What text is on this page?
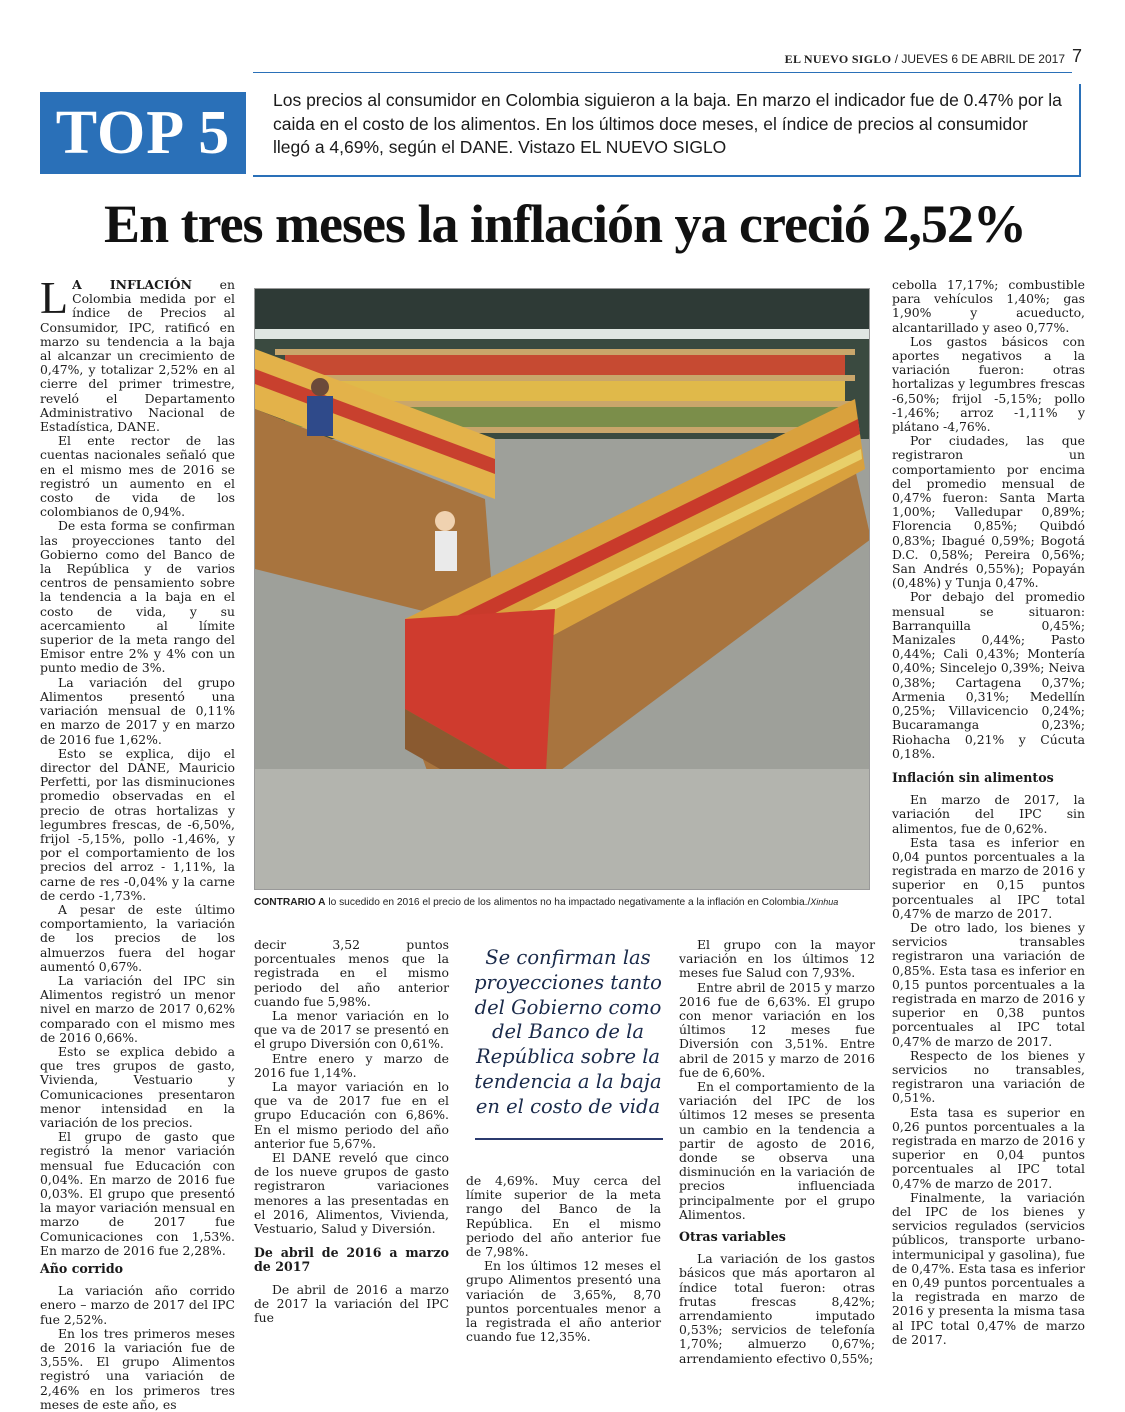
EL NUEVO SIGLO / JUEVES 6 DE ABRIL DE 2017 7
TOP 5	Los precios al consumidor en Colombia siguieron a la baja. En marzo el indicador fue de 0.47% por la caida en el costo de los alimentos. En los últimos doce meses, el índice de precios al consumidor llegó a 4,69%, según el DANE. Vistazo EL NUEVO SIGLO
En tres meses la inflación ya creció 2,52%

L A INFLACIÓN en Colombia medida por el índice de Precios al Consumidor, IPC, ratificó en marzo su tendencia a la baja al alcanzar un crecimiento de 0,47%, y totalizar 2,52% en al cierre del primer trimestre, reveló el Departamento Administrativo Nacional de Estadística, DANE.

El ente rector de las cuentas nacionales señaló que en el mismo mes de 2016 se registró un aumento en el costo de vida de los colombianos de 0,94%.

De esta forma se confirman las proyecciones tanto del Gobierno como del Banco de la República y de varios centros de pensamiento sobre la tendencia a la baja en el costo de vida, y su acercamiento al límite superior de la meta rango del Emisor entre 2% y 4% con un punto medio de 3%.

La variación del grupo Alimentos presentó una variación mensual de 0,11% en marzo de 2017 y en marzo de 2016 fue 1,62%.

Esto se explica, dijo el director del DANE, Mauricio Perfetti, por las disminuciones promedio observadas en el precio de otras hortalizas y legumbres frescas, de -6,50%, frijol -5,15%, pollo -1,46%, y por el comportamiento de los precios del arroz - 1,11%, la carne de res -0,04% y la carne de cerdo -1,73%.

A pesar de este último comportamiento, la variación de los precios de los almuerzos fuera del hogar aumentó 0,67%.

La variación del IPC sin Alimentos registró un menor nivel en marzo de 2017 0,62% comparado con el mismo mes de 2016 0,66%.

Esto se explica debido a que tres grupos de gasto, Vivienda, Vestuario y Comunicaciones presentaron menor intensidad en la variación de los precios.

El grupo de gasto que registró la menor variación mensual fue Educación con 0,04%. En marzo de 2016 fue 0,03%. El grupo que presentó la mayor variación mensual en marzo de 2017 fue Comunicaciones con 1,53%. En marzo de 2016 fue 2,28%.

Año corrido

La variación año corrido enero – marzo de 2017 del IPC fue 2,52%.

En los tres primeros meses de 2016 la variación fue de 3,55%. El grupo Alimentos registró una variación de 2,46% en los primeros tres meses de este año, es

CONTRARIO A lo sucedido en 2016 el precio de los alimentos no ha impactado negativamente a la inflación en Colombia./Xinhua

decir 3,52 puntos porcentuales menos que la registrada en el mismo periodo del año anterior cuando fue 5,98%.

La menor variación en lo que va de 2017 se presentó en el grupo Diversión con 0,61%.

Entre enero y marzo de 2016 fue 1,14%.

La mayor variación en lo que va de 2017 fue en el grupo Educación con 6,86%. En el mismo periodo del año anterior fue 5,67%.

El DANE reveló que cinco de los nueve grupos de gasto registraron variaciones menores a las presentadas en el 2016, Alimentos, Vivienda, Vestuario, Salud y Diversión.

De abril de 2016 a marzo de 2017

De abril de 2016 a marzo de 2017 la variación del IPC fue

Se confirman las proyecciones tanto del Gobierno como del Banco de la República sobre la tendencia a la baja en el costo de vida

de 4,69%. Muy cerca del límite superior de la meta rango del Banco de la República. En el mismo periodo del año anterior fue de 7,98%.

En los últimos 12 meses el grupo Alimentos presentó una variación de 3,65%, 8,70 puntos porcentuales menor a la registrada el año anterior cuando fue 12,35%.

El grupo con la mayor variación en los últimos 12 meses fue Salud con 7,93%.

Entre abril de 2015 y marzo 2016 fue de 6,63%. El grupo con menor variación en los últimos 12 meses fue Diversión con 3,51%. Entre abril de 2015 y marzo de 2016 fue de 6,60%.

En el comportamiento de la variación del IPC de los últimos 12 meses se presenta un cambio en la tendencia a partir de agosto de 2016, donde se observa una disminución en la variación de precios influenciada principalmente por el grupo Alimentos.

Otras variables

La variación de los gastos básicos que más aportaron al índice total fueron: otras frutas frescas 8,42%; arrendamiento imputado 0,53%; servicios de telefonía 1,70%; almuerzo 0,67%; arrendamiento efectivo 0,55%;

cebolla 17,17%; combustible para vehículos 1,40%; gas 1,90% y acueducto, alcantarillado y aseo 0,77%.

Los gastos básicos con aportes negativos a la variación fueron: otras hortalizas y legumbres frescas -6,50%; frijol -5,15%; pollo -1,46%; arroz -1,11% y plátano -4,76%.

Por ciudades, las que registraron un comportamiento por encima del promedio mensual de 0,47% fueron: Santa Marta 1,00%; Valledupar 0,89%; Florencia 0,85%; Quibdó 0,83%; Ibagué 0,59%; Bogotá D.C. 0,58%; Pereira 0,56%; San Andrés 0,55%); Popayán (0,48%) y Tunja 0,47%.

Por debajo del promedio mensual se situaron: Barranquilla 0,45%; Manizales 0,44%; Pasto 0,44%; Cali 0,43%; Montería 0,40%; Sincelejo 0,39%; Neiva 0,38%; Cartagena 0,37%; Armenia 0,31%; Medellín 0,25%; Villavicencio 0,24%; Bucaramanga 0,23%; Riohacha 0,21% y Cúcuta 0,18%.

Inflación sin alimentos

En marzo de 2017, la variación del IPC sin alimentos, fue de 0,62%.

Esta tasa es inferior en 0,04 puntos porcentuales a la registrada en marzo de 2016 y superior en 0,15 puntos porcentuales al IPC total 0,47% de marzo de 2017.

De otro lado, los bienes y servicios transables registraron una variación de 0,85%. Esta tasa es inferior en 0,15 puntos porcentuales a la registrada en marzo de 2016 y superior en 0,38 puntos porcentuales al IPC total 0,47% de marzo de 2017.

Respecto de los bienes y servicios no transables, registraron una variación de 0,51%.

Esta tasa es superior en 0,26 puntos porcentuales a la registrada en marzo de 2016 y superior en 0,04 puntos porcentuales al IPC total 0,47% de marzo de 2017.

Finalmente, la variación del IPC de los bienes y servicios regulados (servicios públicos, transporte urbano-intermunicipal y gasolina), fue de 0,47%. Esta tasa es inferior en 0,49 puntos porcentuales a la registrada en marzo de 2016 y presenta la misma tasa al IPC total 0,47% de marzo de 2017.
